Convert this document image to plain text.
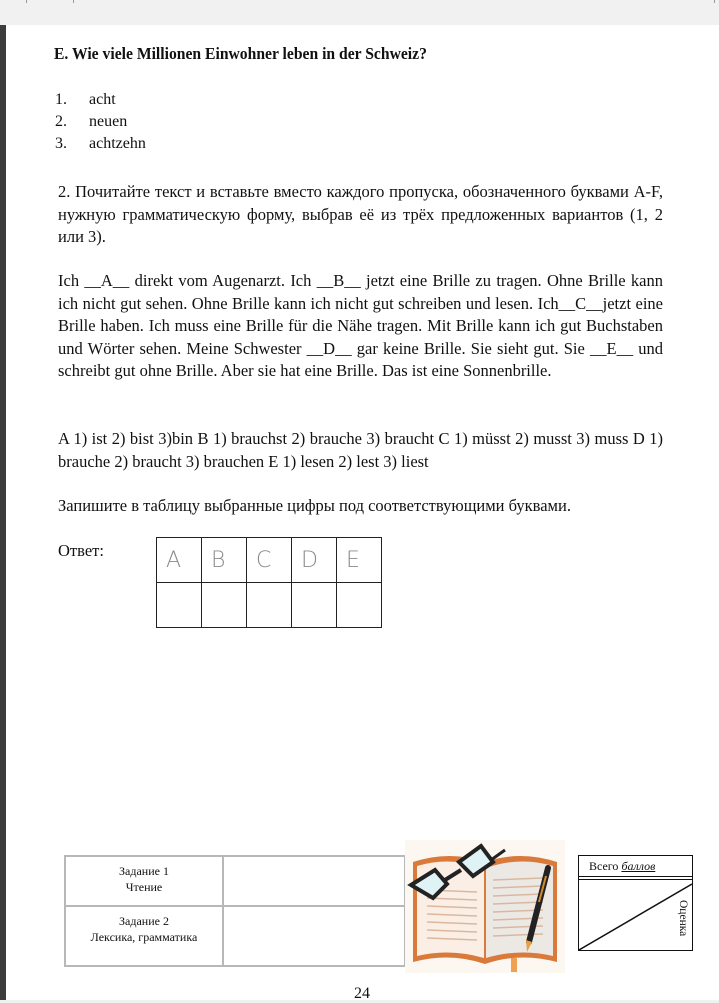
E. Wie viele Millionen Einwohner leben in der Schweiz?
1.	acht
2.	neuen
3.	achtzehn
2. Почитайте текст и вставьте вместо каждого пропуска, обозначенного буквами A-F, нужную грамматическую форму, выбрав её из трёх предложенных вариантов (1, 2 или 3).
Ich __A__ direkt vom Augenarzt. Ich __B__ jetzt eine Brille zu tragen. Ohne Brille kann ich nicht gut sehen. Ohne Brille kann ich nicht gut schreiben und lesen. Ich__C__jetzt eine Brille haben. Ich muss eine Brille für die Nähe tragen. Mit Brille kann ich gut Buchstaben und Wörter sehen. Meine Schwester __D__ gar keine Brille. Sie sieht gut. Sie __E__ und schreibt gut ohne Brille. Aber sie hat eine Brille. Das ist eine Sonnenbrille.
A 1) ist 2) bist 3)bin B 1) brauchst 2) brauche 3) braucht C 1) müsst 2) musst 3) muss D 1) brauche 2) braucht 3) brauchen E 1) lesen 2) lest 3) liest
Запишите в таблицу выбранные цифры под соответствующими буквами.
Ответ:	A	B	C	D	E

Задание 1
Чтение	

Задание 2
Лексика, грамматика	

Всего баллов
Оценка
24
